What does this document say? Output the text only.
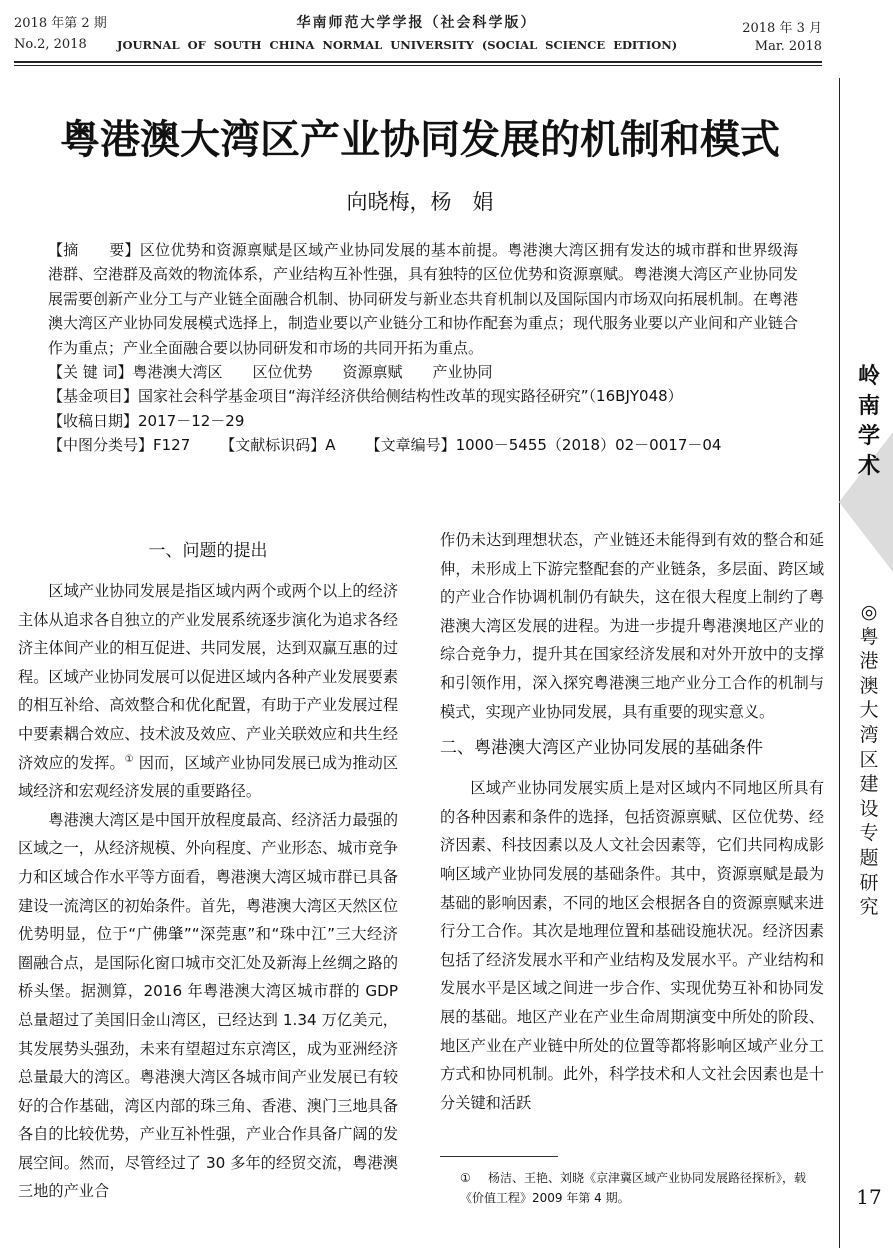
2018 年第 2 期
No.2, 2018
华南师范大学学报（社会科学版）
JOURNAL  OF  SOUTH  CHINA  NORMAL  UNIVERSITY  (SOCIAL  SCIENCE  EDITION)
2018 年 3 月
Mar. 2018
粤港澳大湾区产业协同发展的机制和模式
向晓梅，杨　娟

【摘　　要】区位优势和资源禀赋是区域产业协同发展的基本前提。粤港澳大湾区拥有发达的城市群和世界级海港群、空港群及高效的物流体系，产业结构互补性强，具有独特的区位优势和资源禀赋。粤港澳大湾区产业协同发展需要创新产业分工与产业链全面融合机制、协同研发与新业态共育机制以及国际国内市场双向拓展机制。在粤港澳大湾区产业协同发展模式选择上，制造业要以产业链分工和协作配套为重点；现代服务业要以产业间和产业链合作为重点；产业全面融合要以协同研发和市场的共同开拓为重点。

【关 键 词】粤港澳大湾区　　区位优势　　资源禀赋　　产业协同

【基金项目】国家社会科学基金项目“海洋经济供给侧结构性改革的现实路径研究”（16BJY048）

【收稿日期】2017－12－29

【中图分类号】F127 【文献标识码】A 【文章编号】1000－5455（2018）02－0017－04

一、问题的提出

区域产业协同发展是指区域内两个或两个以上的经济主体从追求各自独立的产业发展系统逐步演化为追求各经济主体间产业的相互促进、共同发展，达到双赢互惠的过程。区域产业协同发展可以促进区域内各种产业发展要素的相互补给、高效整合和优化配置，有助于产业发展过程中要素耦合效应、技术波及效应、产业关联效应和共生经济效应的发挥。① 因而，区域产业协同发展已成为推动区域经济和宏观经济发展的重要路径。

粤港澳大湾区是中国开放程度最高、经济活力最强的区域之一，从经济规模、外向程度、产业形态、城市竞争力和区域合作水平等方面看，粤港澳大湾区城市群已具备建设一流湾区的初始条件。首先，粤港澳大湾区天然区位优势明显，位于“广佛肇”“深莞惠”和“珠中江”三大经济圈融合点，是国际化窗口城市交汇处及新海上丝绸之路的桥头堡。据测算，2016 年粤港澳大湾区城市群的 GDP 总量超过了美国旧金山湾区，已经达到 1.34 万亿美元，其发展势头强劲，未来有望超过东京湾区，成为亚洲经济总量最大的湾区。粤港澳大湾区各城市间产业发展已有较好的合作基础，湾区内部的珠三角、香港、澳门三地具备各自的比较优势，产业互补性强，产业合作具备广阔的发展空间。然而，尽管经过了 30 多年的经贸交流，粤港澳三地的产业合

作仍未达到理想状态，产业链还未能得到有效的整合和延伸，未形成上下游完整配套的产业链条，多层面、跨区域的产业合作协调机制仍有缺失，这在很大程度上制约了粤港澳大湾区发展的进程。为进一步提升粤港澳地区产业的综合竞争力，提升其在国家经济发展和对外开放中的支撑和引领作用，深入探究粤港澳三地产业分工合作的机制与模式，实现产业协同发展，具有重要的现实意义。

二、粤港澳大湾区产业协同发展的基础条件

区域产业协同发展实质上是对区域内不同地区所具有的各种因素和条件的选择，包括资源禀赋、区位优势、经济因素、科技因素以及人文社会因素等，它们共同构成影响区域产业协同发展的基础条件。其中，资源禀赋是最为基础的影响因素，不同的地区会根据各自的资源禀赋来进行分工合作。其次是地理位置和基础设施状况。经济因素包括了经济发展水平和产业结构及发展水平。产业结构和发展水平是区域之间进一步合作、实现优势互补和协同发展的基础。地区产业在产业生命周期演变中所处的阶段、地区产业在产业链中所处的位置等都将影响区域产业分工方式和协同机制。此外，科学技术和人文社会因素也是十分关键和活跃

① 杨洁、王艳、刘晓《京津冀区域产业协同发展路径探析》，载《价值工程》2009 年第 4 期。
岭
南
学
术
◎
粤
港
澳
大
湾
区
建
设
专
题
研
究
17
